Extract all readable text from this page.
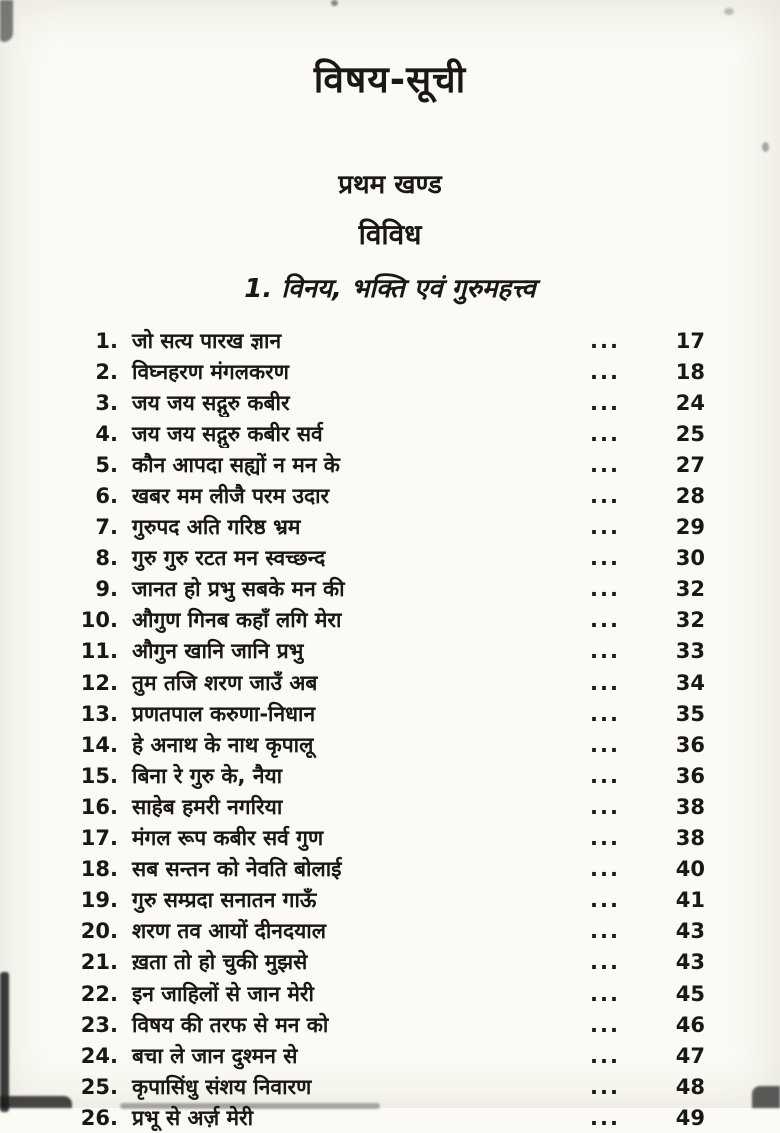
विषय-सूची
प्रथम खण्ड
विविध
1. विनय, भक्ति एवं गुरुमहत्त्व
1. जो सत्य पारख ज्ञान	...	17
2. विघ्नहरण मंगलकरण	...	18
3. जय जय सद्गुरु कबीर	...	24
4. जय जय सद्गुरु कबीर सर्व	...	25
5. कौन आपदा सह्यों न मन के	...	27
6. खबर मम लीजै परम उदार	...	28
7. गुरुपद अति गरिष्ठ भ्रम	...	29
8. गुरु गुरु रटत मन स्वच्छन्द	...	30
9. जानत हो प्रभु सबके मन की	...	32
10. औगुण गिनब कहाँ लगि मेरा	...	32
11. औगुन खानि जानि प्रभु	...	33
12. तुम तजि शरण जाउँ अब	...	34
13. प्रणतपाल करुणा-निधान	...	35
14. हे अनाथ के नाथ कृपालू	...	36
15. बिना रे गुरु के, नैया	...	36
16. साहेब हमरी नगरिया	...	38
17. मंगल रूप कबीर सर्व गुण	...	38
18. सब सन्तन को नेवति बोलाई	...	40
19. गुरु सम्प्रदा सनातन गाऊँ	...	41
20. शरण तव आयों दीनदयाल	...	43
21. ख़ता तो हो चुकी मुझसे	...	43
22. इन जाहिलों से जान मेरी	...	45
23. विषय की तरफ से मन को	...	46
24. बचा ले जान दुश्मन से	...	47
25. कृपासिंधु संशय निवारण	...	48
26. प्रभू से अर्ज़ मेरी	...	49
